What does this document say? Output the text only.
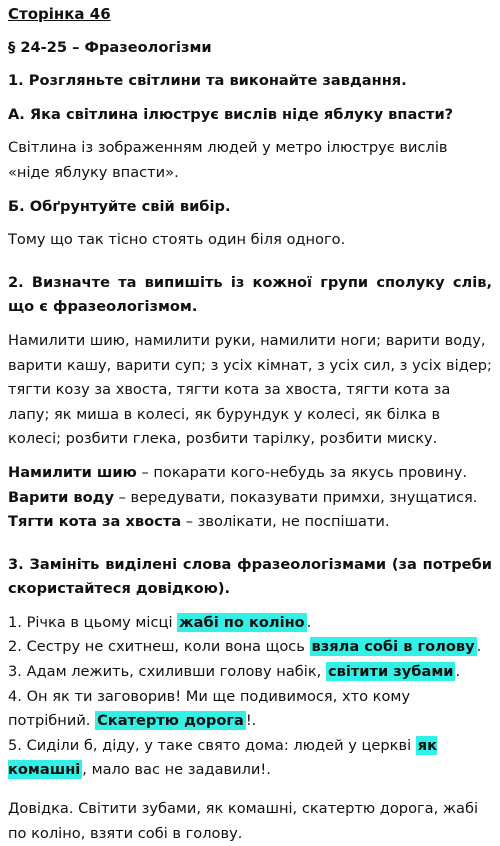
Сторінка 46

§ 24-25 – Фразеологізми

1. Розгляньте світлини та виконайте завдання.

А. Яка світлина ілюструє вислів ніде яблуку впасти?

Світлина із зображенням людей у метро ілюструє вислів «ніде яблуку впасти».

Б. Обґрунтуйте свій вибір.

Тому що так тісно стоять один біля одного.

2. Визначте та випишіть із кожної групи сполуку слів, що є фразеологізмом.

Намилити шию, намилити руки, намилити ноги; варити воду, варити кашу, варити суп; з усіх кімнат, з усіх сил, з усіх відер; тягти козу за хвоста, тягти кота за хвоста, тягти кота за лапу; як миша в колесі, як бурундук у колесі, як білка в колесі; розбити глека, розбити тарілку, розбити миску.

Намилити шию – покарати кого-небудь за якусь провину.

Варити воду – вередувати, показувати примхи, знущатися.

Тягти кота за хвоста – зволікати, не поспішати.

3. Замініть виділені слова фразеологізмами (за потреби скористайтеся довідкою).

1. Річка в цьому місці жабі по коліно .

2. Сестру не схитнеш, коли вона щось взяла собі в голову .

3. Адам лежить, схиливши голову набік, світити зубами .

4. Он як ти заговорив! Ми ще подивимося, хто кому потрібний. Скатертю дорога !.

5. Сиділи б, діду, у таке свято дома: людей у церкві як комашні , мало вас не задавили!.

Довідка. Світити зубами, як комашні, скатертю дорога, жабі по коліно, взяти собі в голову.
